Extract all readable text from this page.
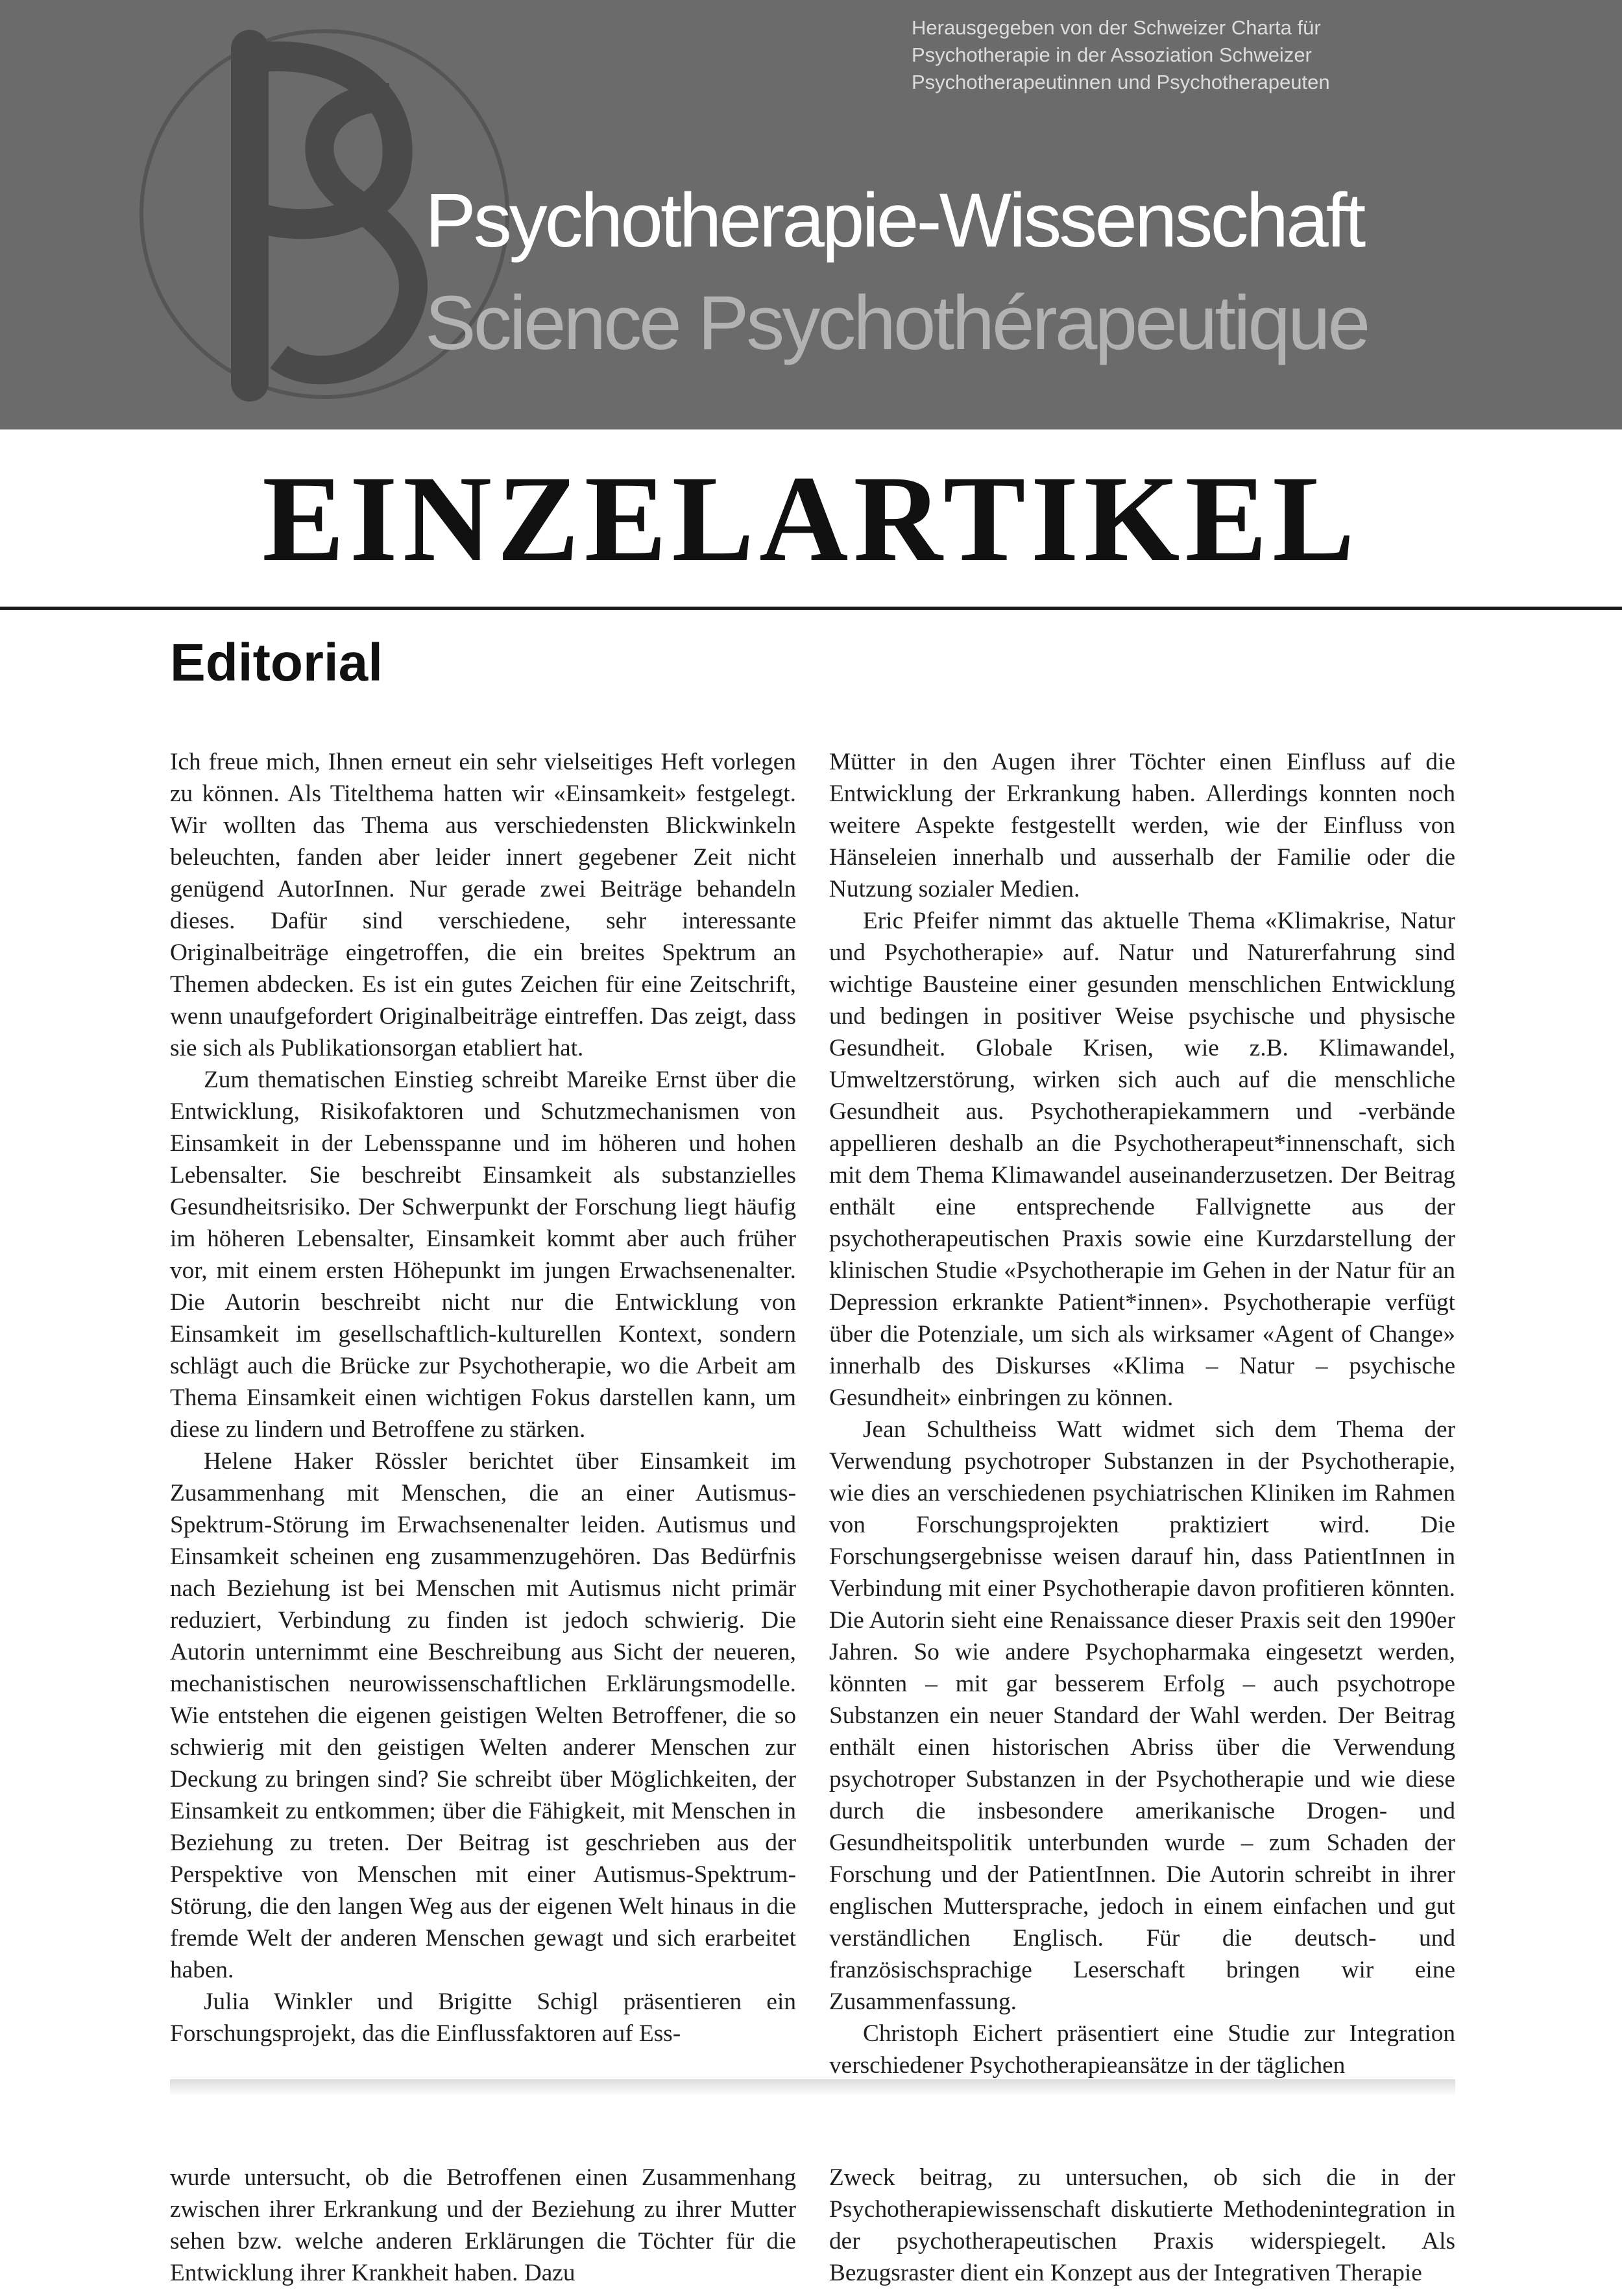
Herausgegeben von der Schweizer Charta für
Psychotherapie in der Assoziation Schweizer
Psychotherapeutinnen und Psychotherapeuten
Psychotherapie-Wissenschaft
Science Psychothérapeutique
EINZELARTIKEL
Editorial

Ich freue mich, Ihnen erneut ein sehr vielseitiges Heft vorlegen zu können. Als Titelthema hatten wir «Einsamkeit» festgelegt. Wir wollten das Thema aus verschiedensten Blickwinkeln beleuchten, fanden aber leider innert gegebener Zeit nicht genügend AutorInnen. Nur gerade zwei Beiträge behandeln dieses. Dafür sind verschiedene, sehr interessante Originalbeiträge eingetroffen, die ein breites Spektrum an Themen abdecken. Es ist ein gutes Zeichen für eine Zeitschrift, wenn unaufgefordert Originalbeiträge eintreffen. Das zeigt, dass sie sich als Publikationsorgan etabliert hat.

Zum thematischen Einstieg schreibt Mareike Ernst über die Entwicklung, Risikofaktoren und Schutzmechanismen von Einsamkeit in der Lebensspanne und im höheren und hohen Lebensalter. Sie beschreibt Einsamkeit als substanzielles Gesundheitsrisiko. Der Schwerpunkt der Forschung liegt häufig im höheren Lebensalter, Einsamkeit kommt aber auch früher vor, mit einem ersten Höhepunkt im jungen Erwachsenenalter. Die Autorin beschreibt nicht nur die Entwicklung von Einsamkeit im gesellschaftlich-kulturellen Kontext, sondern schlägt auch die Brücke zur Psychotherapie, wo die Arbeit am Thema Einsamkeit einen wichtigen Fokus darstellen kann, um diese zu lindern und Betroffene zu stärken.

Helene Haker Rössler berichtet über Einsamkeit im Zusammenhang mit Menschen, die an einer Autismus-Spektrum-Störung im Erwachsenenalter leiden. Autismus und Einsamkeit scheinen eng zusammenzugehören. Das Bedürfnis nach Beziehung ist bei Menschen mit Autismus nicht primär reduziert, Verbindung zu finden ist jedoch schwierig. Die Autorin unternimmt eine Beschreibung aus Sicht der neueren, mechanistischen neurowissenschaftlichen Erklärungsmodelle. Wie entstehen die eigenen geistigen Welten Betroffener, die so schwierig mit den geistigen Welten anderer Menschen zur Deckung zu bringen sind? Sie schreibt über Möglichkeiten, der Einsamkeit zu entkommen; über die Fähigkeit, mit Menschen in Beziehung zu treten. Der Beitrag ist geschrieben aus der Perspektive von Menschen mit einer Autismus-Spektrum-Störung, die den langen Weg aus der eigenen Welt hinaus in die fremde Welt der anderen Menschen gewagt und sich erarbeitet haben.

Julia Winkler und Brigitte Schigl präsentieren ein Forschungsprojekt, das die Einflussfaktoren auf Ess-

Mütter in den Augen ihrer Töchter einen Einfluss auf die Entwicklung der Erkrankung haben. Allerdings konnten noch weitere Aspekte festgestellt werden, wie der Einfluss von Hänseleien innerhalb und ausserhalb der Familie oder die Nutzung sozialer Medien.

Eric Pfeifer nimmt das aktuelle Thema «Klimakrise, Natur und Psychotherapie» auf. Natur und Naturerfahrung sind wichtige Bausteine einer gesunden menschlichen Entwicklung und bedingen in positiver Weise psychische und physische Gesundheit. Globale Krisen, wie z.B. Klimawandel, Umweltzerstörung, wirken sich auch auf die menschliche Gesundheit aus. Psychotherapiekammern und -verbände appellieren deshalb an die Psychotherapeut*innenschaft, sich mit dem Thema Klimawandel auseinanderzusetzen. Der Beitrag enthält eine entsprechende Fallvignette aus der psychotherapeutischen Praxis sowie eine Kurzdarstellung der klinischen Studie «Psychotherapie im Gehen in der Natur für an Depression erkrankte Patient*innen». Psychotherapie verfügt über die Potenziale, um sich als wirksamer «Agent of Change» innerhalb des Diskurses «Klima – Natur – psychische Gesundheit» einbringen zu können.

Jean Schultheiss Watt widmet sich dem Thema der Verwendung psychotroper Substanzen in der Psychotherapie, wie dies an verschiedenen psychiatrischen Kliniken im Rahmen von Forschungsprojekten praktiziert wird. Die Forschungsergebnisse weisen darauf hin, dass PatientInnen in Verbindung mit einer Psychotherapie davon profitieren könnten. Die Autorin sieht eine Renaissance dieser Praxis seit den 1990er Jahren. So wie andere Psychopharmaka eingesetzt werden, könnten – mit gar besserem Erfolg – auch psychotrope Substanzen ein neuer Standard der Wahl werden. Der Beitrag enthält einen historischen Abriss über die Verwendung psychotroper Substanzen in der Psychotherapie und wie diese durch die insbesondere amerikanische Drogen- und Gesundheitspolitik unterbunden wurde – zum Schaden der Forschung und der PatientInnen. Die Autorin schreibt in ihrer englischen Muttersprache, jedoch in einem einfachen und gut verständlichen Englisch. Für die deutsch- und französischsprachige Leserschaft bringen wir eine Zusammenfassung.

Christoph Eichert präsentiert eine Studie zur Integration verschiedener Psychotherapieansätze in der täglichen

wurde untersucht, ob die Betroffenen einen Zusammenhang zwischen ihrer Erkrankung und der Beziehung zu ihrer Mutter sehen bzw. welche anderen Erklärungen die Töchter für die Entwicklung ihrer Krankheit haben. Dazu

Zweck beitrag, zu untersuchen, ob sich die in der Psychotherapiewissenschaft diskutierte Methodenintegration in der psychotherapeutischen Praxis widerspiegelt. Als Bezugsraster dient ein Konzept aus der Integrativen Therapie
